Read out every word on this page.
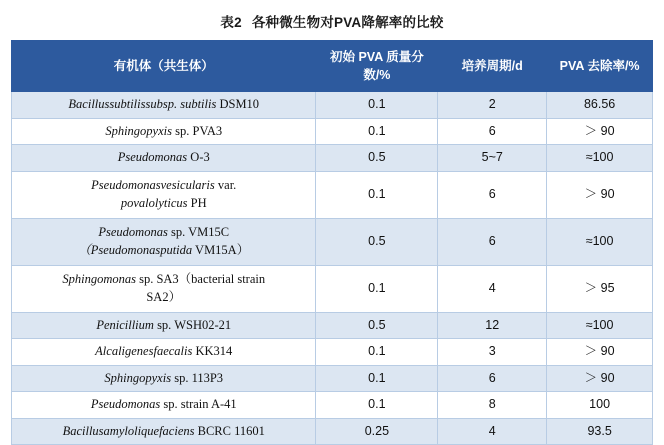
表2 各种微生物对PVA降解率的比较
有机体（共生体）	初始 PVA 质量分数/%	培养周期/d	PVA 去除率/%
Bacillussubtilissubsp. subtilis DSM10	0.1	2	86.56
Sphingopyxis sp. PVA3	0.1	6	＞ 90
Pseudomonas O-3	0.5	5~7	≈100
Pseudomonasvesicularis var.
povalolyticus PH	0.1	6	＞ 90
Pseudomonas sp. VM15C
（Pseudomonasputida VM15A）	0.5	6	≈100
Sphingomonas sp. SA3（bacterial strain
SA2）	0.1	4	＞ 95
Penicillium sp. WSH02-21	0.5	12	≈100
Alcaligenesfaecalis KK314	0.1	3	＞ 90
Sphingopyxis sp. 113P3	0.1	6	＞ 90
Pseudomonas sp. strain A-41	0.1	8	100
Bacillusamyloliquefaciens BCRC 11601	0.25	4	93.5
